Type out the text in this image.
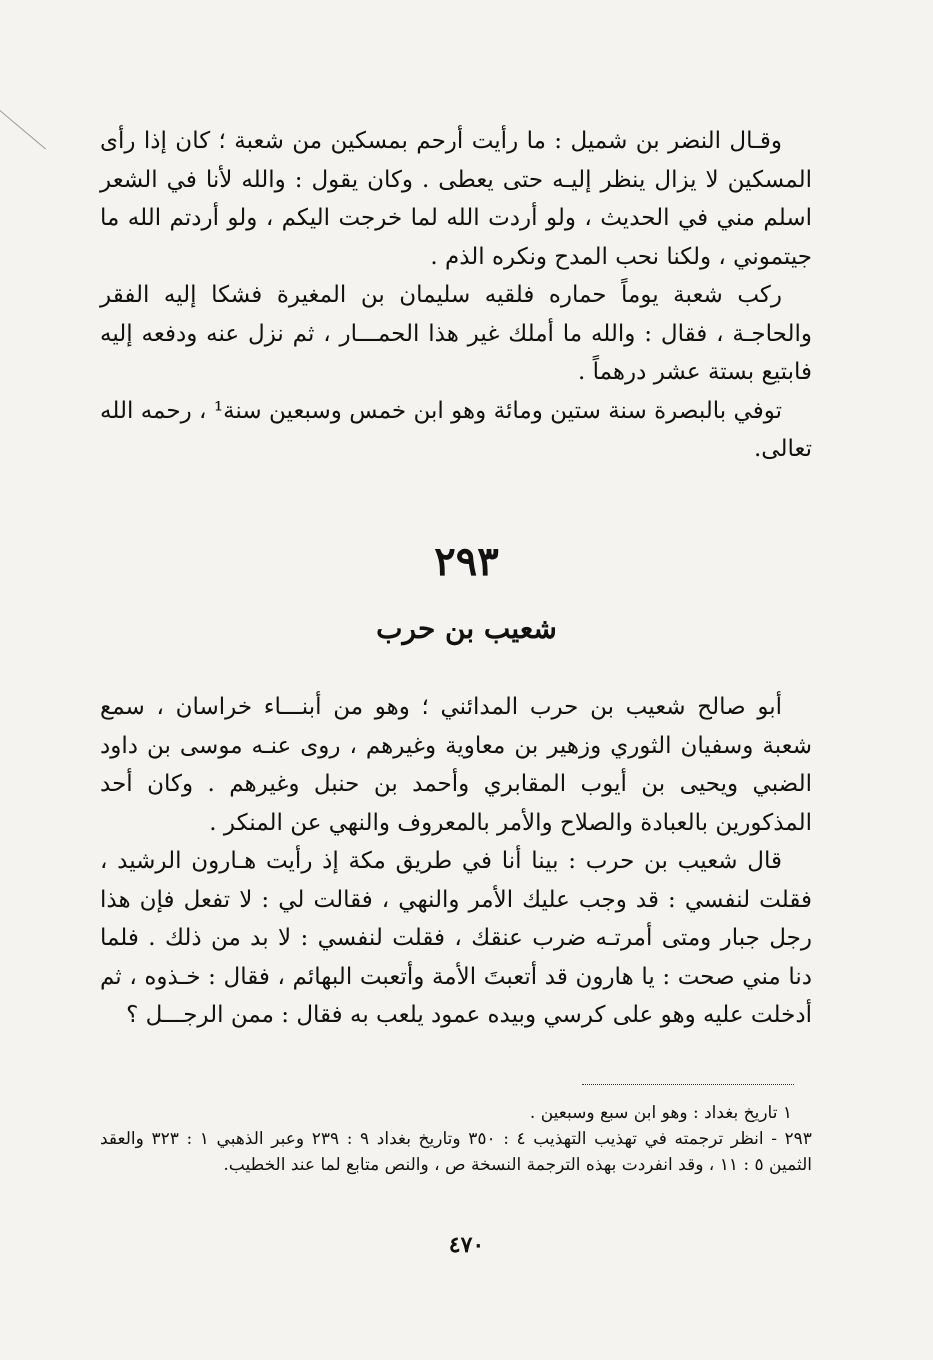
وقـال النضر بن شميل : ما رأيت أرحم بمسكين من شعبة ؛ كان إذا رأى المسكين لا يزال ينظر إليـه حتى يعطى . وكان يقول : والله لأنا في الشعر اسلم مني في الحديث ، ولو أردت الله لما خرجت اليكم ، ولو أردتم الله ما جيتموني ، ولكنا نحب المدح ونكره الذم .

ركب شعبة يوماً حماره فلقيه سليمان بن المغيرة فشكا إليه الفقر والحاجـة ، فقال : والله ما أملك غير هذا الحمـــار ، ثم نزل عنه ودفعه إليه فابتيع بستة عشر درهماً .

توفي بالبصرة سنة ستين ومائة وهو ابن خمس وسبعين سنة¹ ، رحمه الله تعالى.

٢٩٣
شعيب بن حرب

أبو صالح شعيب بن حرب المدائني ؛ وهو من أبنـــاء خراسان ، سمع شعبة وسفيان الثوري وزهير بن معاوية وغيرهم ، روى عنـه موسى بن داود الضبي ويحيى بن أيوب المقابري وأحمد بن حنبل وغيرهم . وكان أحد المذكورين بالعبادة والصلاح والأمر بالمعروف والنهي عن المنكر .

قال شعيب بن حرب : بينا أنا في طريق مكة إذ رأيت هـارون الرشيد ، فقلت لنفسي : قد وجب عليك الأمر والنهي ، فقالت لي : لا تفعل فإن هذا رجل جبار ومتى أمرتـه ضرب عنقك ، فقلت لنفسي : لا بد من ذلك . فلما دنا مني صحت : يا هارون قد أتعبتَ الأمة وأتعبت البهائم ، فقال : خـذوه ، ثم أدخلت عليه وهو على كرسي وبيده عمود يلعب به فقال : ممن الرجـــل ؟

١ تاريخ بغداد : وهو ابن سبع وسبعين .

٢٩٣ - انظر ترجمته في تهذيب التهذيب ٤ : ٣٥٠ وتاريخ بغداد ٩ : ٢٣٩ وعبر الذهبي ١ : ٣٢٣ والعقد الثمين ٥ : ١١ ، وقد انفردت بهذه الترجمة النسخة ص ، والنص متابع لما عند الخطيب.

٤٧٠
